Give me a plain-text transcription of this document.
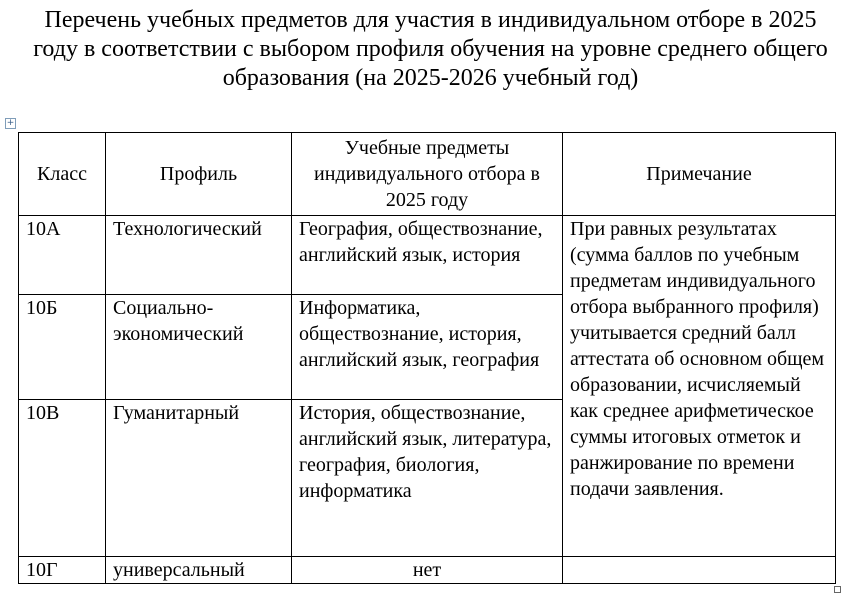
Перечень учебных предметов для участия в индивидуальном отборе в 2025 году в соответствии с выбором профиля обучения на уровне среднего общего образования (на 2025-2026 учебный год)
+
Класс	Профиль	Учебные предметы индивидуального отбора в 2025 году	Примечание
10А	Технологический	География, обществознание, английский язык, история	При равных результатах (сумма баллов по учебным предметам индивидуального отбора выбранного профиля) учитывается средний балл аттестата об основном общем образовании, исчисляемый как среднее арифметическое суммы итоговых отметок и ранжирование по времени подачи заявления.
10Б	Социально-экономический	Информатика, обществознание, история, английский язык, география	
10В	Гуманитарный	История, обществознание, английский язык, литература, география, биология, информатика	
10Г	универсальный	нет	
